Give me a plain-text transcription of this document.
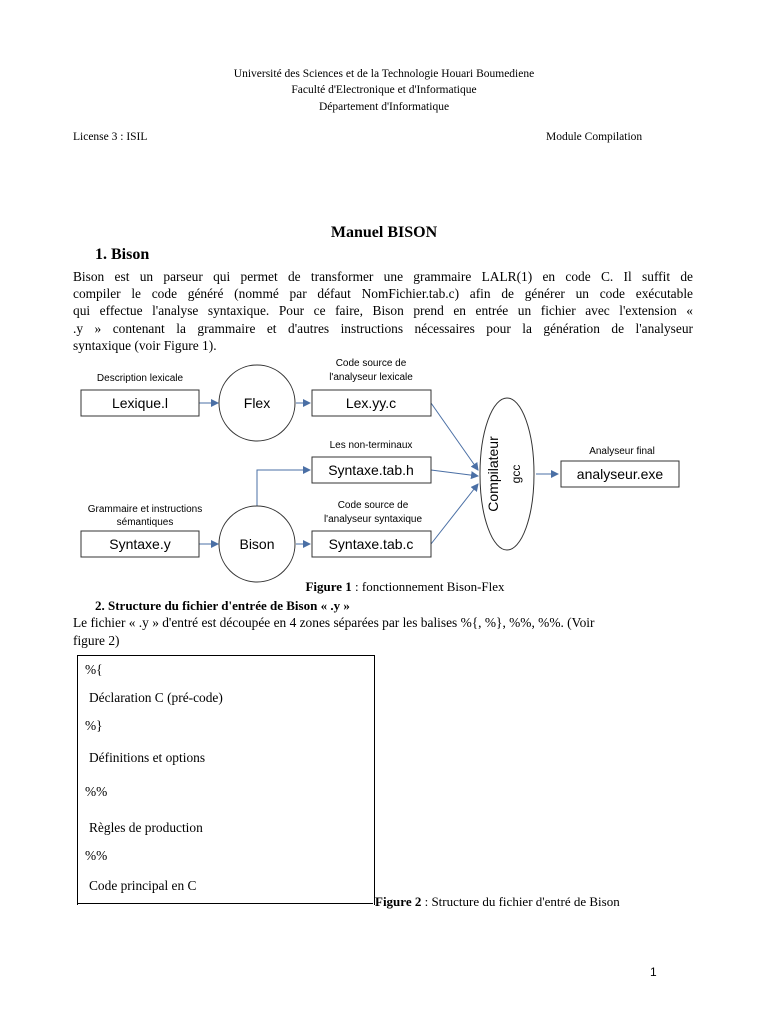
Université des Sciences et de la Technologie Houari Boumediene
Faculté d'Electronique et d'Informatique
Département d'Informatique
License 3 : ISIL	Module Compilation
Manuel BISON
1. Bison
Bison est un parseur qui permet de transformer une grammaire LALR(1) en code C. Il suffit de
compiler le code généré (nommé par défaut NomFichier.tab.c) afin de générer un code exécutable
qui effectue l'analyse syntaxique. Pour ce faire, Bison prend en entrée un fichier avec l'extension «
.y » contenant la grammaire et d'autres instructions nécessaires pour la génération de l'analyseur
syntaxique (voir Figure 1).
Description lexicale
Code source de
l'analyseur lexicale
Les non-terminaux
Grammaire et instructions
sémantiques
Code source de
l'analyseur syntaxique
Analyseur final
Lexique.l	Flex	Lex.yy.c
Syntaxe.tab.h
Syntaxe.y	Bison	Syntaxe.tab.c
analyseur.exe
Compilateur gcc
Figure 1 : fonctionnement Bison-Flex
2. Structure du fichier d'entrée de Bison « .y »
Le fichier « .y » d'entré est découpée en 4 zones séparées par les balises %{, %}, %%, %%. (Voir
figure 2)
%{
Déclaration C (pré-code)
%}
Définitions et options
%%
Règles de production
%%
Code principal en C
Figure 2 : Structure du fichier d'entré de Bison
1
